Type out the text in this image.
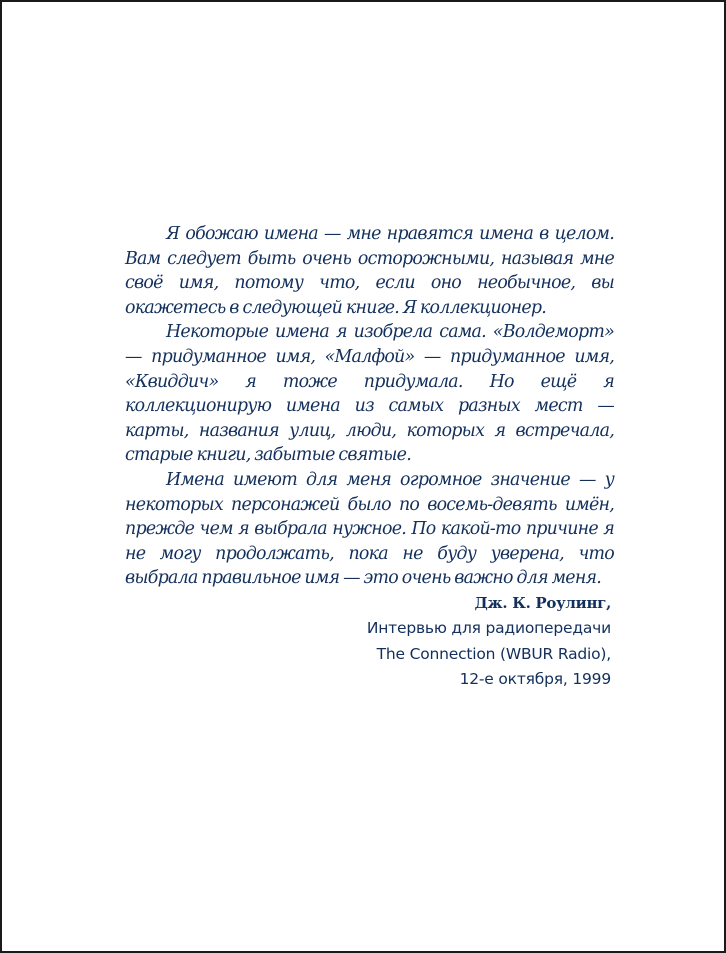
Я обожаю имена — мне нравятся имена в целом. Вам следует быть очень осторожными, называя мне своё имя, потому что, если оно необычное, вы окажетесь в следующей книге. Я коллекционер.

Некоторые имена я изобрела сама. «Волдеморт» — придуманное имя, «Малфой» — придуманное имя, «Квиддич» я тоже придумала. Но ещё я коллекционирую имена из самых разных мест — карты, названия улиц, люди, которых я встречала, старые книги, забытые святые.

Имена имеют для меня огромное значение — у некоторых персонажей было по восемь-девять имён, прежде чем я выбрала нужное. По какой-то причине я не могу продолжать, пока не буду уверена, что выбрала правильное имя — это очень важно для меня.

Дж. К. Роулинг,
Интервью для радиопередачи
The Connection (WBUR Radio),
12-е октября, 1999
